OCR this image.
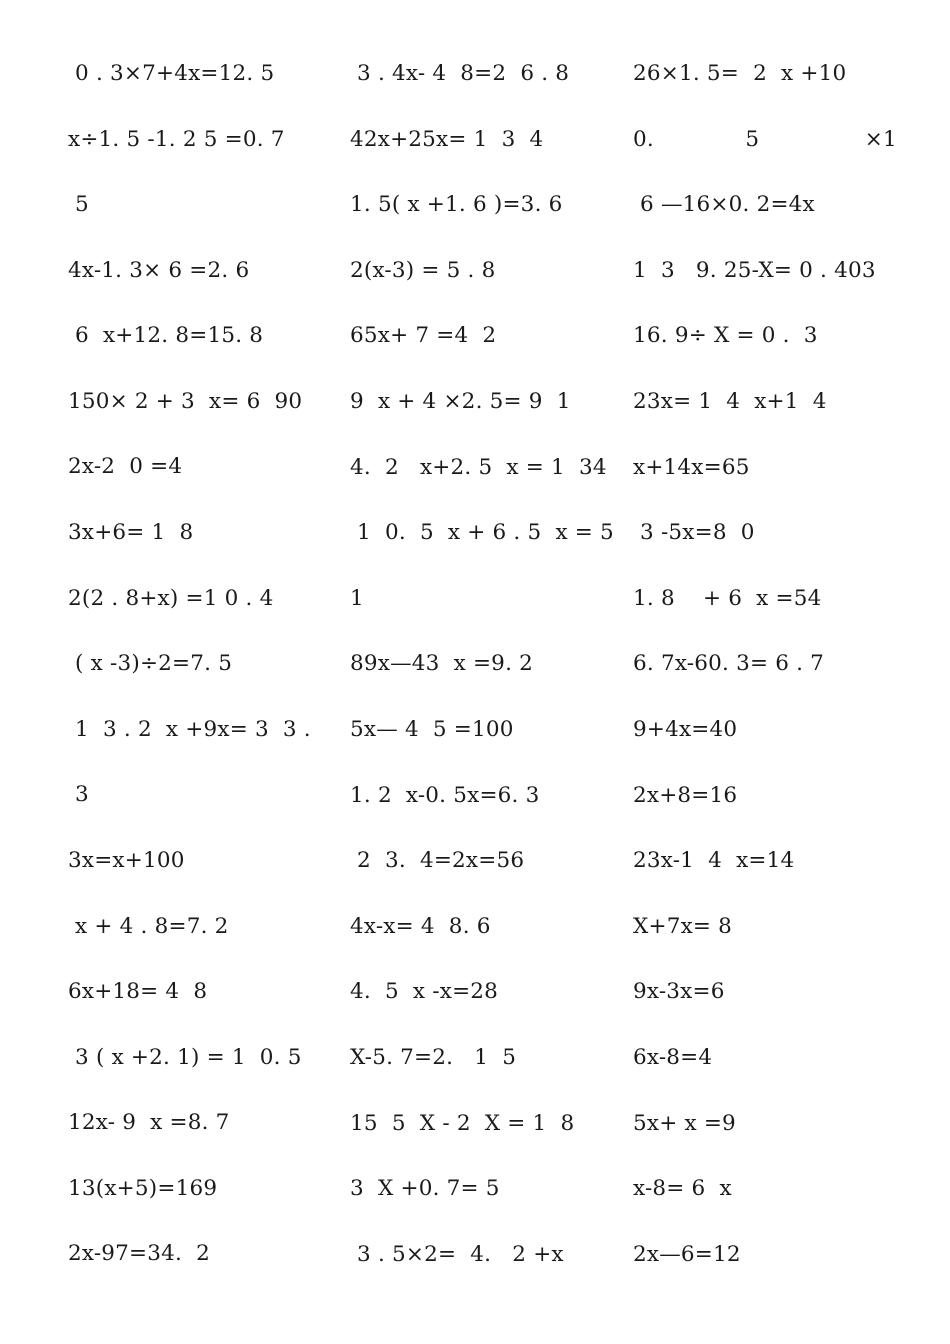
0 . 3×7+4x=12. 5
x÷1. 5 -1. 2 5 =0. 7
5
4x-1. 3× 6 =2. 6
6  x+12. 8=15. 8
150× 2 + 3  x= 6  90
2x-2  0 =4
3x+6= 1  8
2(2 . 8+x) =1 0 . 4
( x -3)÷2=7. 5
1  3 . 2  x +9x= 3  3 .
3
3x=x+100
x + 4 . 8=7. 2
6x+18= 4  8
3 ( x +2. 1) = 1  0. 5
12x- 9  x =8. 7
13(x+5)=169
2x-97=34.  2
3 . 4x- 4  8=2  6 . 8
42x+25x= 1  3  4
1. 5( x +1. 6 )=3. 6
2(x-3) = 5 . 8
65x+ 7 =4  2
9  x + 4 ×2. 5= 9  1
4.  2   x+2. 5  x = 1  34
1  0.  5  x + 6 . 5  x = 5
1
89x—43  x =9. 2
5x— 4  5 =100
1. 2  x-0. 5x=6. 3
2  3.  4=2x=56
4x-x= 4  8. 6
4.  5  x -x=28
X-5. 7=2.   1  5
15  5  X - 2  X = 1  8
3  X +0. 7= 5
3 . 5×2=  4.   2 +x
26×1. 5=  2  x +10
0.             5               ×1
6 —16×0. 2=4x
1  3   9. 25-X= 0 . 403
16. 9÷ X = 0 .  3
23x= 1  4  x+1  4
x+14x=65
3 -5x=8  0
1. 8    + 6  x =54
6. 7x-60. 3= 6 . 7
9+4x=40
2x+8=16
23x-1  4  x=14
X+7x= 8
9x-3x=6
6x-8=4
5x+ x =9
x-8= 6  x
2x—6=12
